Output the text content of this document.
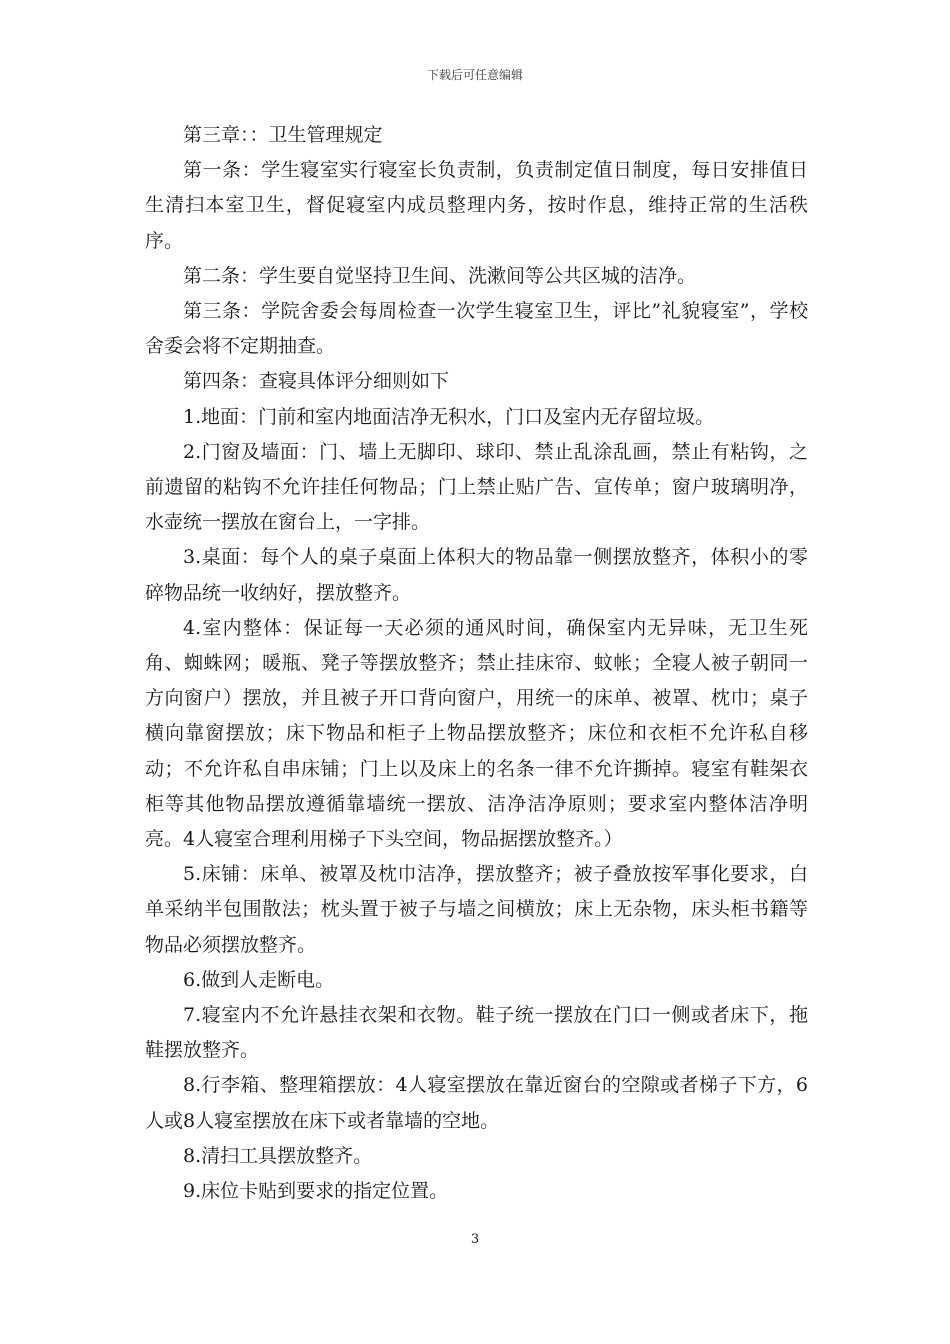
下载后可任意编辑

第三章：：卫生管理规定

第一条：学生寝室实行寝室长负责制，负责制定值日制度，每日安排值日生清扫本室卫生，督促寝室内成员整理内务，按时作息，维持正常的生活秩序。

第二条：学生要自觉坚持卫生间、洗漱间等公共区城的洁净。

第三条：学院舍委会每周检查一次学生寝室卫生，评比”礼貌寝室”，学校舍委会将不定期抽查。

第四条：查寝具体评分细则如下

1.地面：门前和室内地面洁净无积水，门口及室内无存留垃圾。

2.门窗及墙面：门、墙上无脚印、球印、禁止乱涂乱画，禁止有粘钩，之前遗留的粘钩不允许挂任何物品；门上禁止贴广告、宣传单；窗户玻璃明净，水壶统一摆放在窗台上，一字排。

3.桌面：每个人的桌子桌面上体积大的物品靠一侧摆放整齐，体积小的零碎物品统一收纳好，摆放整齐。

4.室内整体：保证每一天必须的通风时间，确保室内无异味，无卫生死角、蜘蛛网；暖瓶、凳子等摆放整齐；禁止挂床帘、蚊帐；全寝人被子朝同一方向窗户）摆放，并且被子开口背向窗户，用统一的床单、被罩、枕巾；桌子横向靠窗摆放；床下物品和柜子上物品摆放整齐；床位和衣柜不允许私自移动；不允许私自串床铺；门上以及床上的名条一律不允许撕掉。寝室有鞋架衣柜等其他物品摆放遵循靠墙统一摆放、洁净洁净原则；要求室内整体洁净明亮。4人寝室合理利用梯子下头空间，物品据摆放整齐。）

5.床铺：床单、被罩及枕巾洁净，摆放整齐；被子叠放按军事化要求，白单采纳半包围散法；枕头置于被子与墙之间横放；床上无杂物，床头柜书籍等物品必须摆放整齐。

6.做到人走断电。

7.寝室内不允许悬挂衣架和衣物。鞋子统一摆放在门口一侧或者床下，拖鞋摆放整齐。

8.行李箱、整理箱摆放：4人寝室摆放在靠近窗台的空隙或者梯子下方，6人或8人寝室摆放在床下或者靠墙的空地。

8.清扫工具摆放整齐。

9.床位卡贴到要求的指定位置。

3
